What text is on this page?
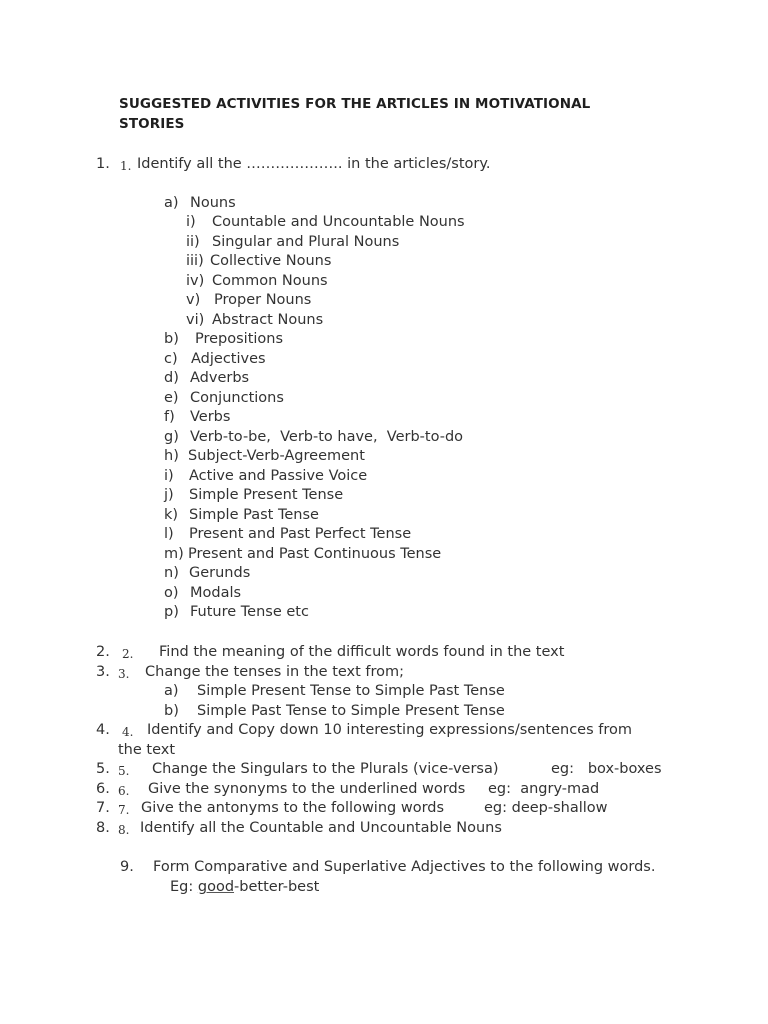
SUGGESTED ACTIVITIES FOR THE ARTICLES IN MOTIVATIONAL
STORIES
1. 1. Identify all the ……………….. in the articles/story.
a) Nouns
i) Countable and Uncountable Nouns
ii) Singular and Plural Nouns
iii) Collective Nouns
iv) Common Nouns
v) Proper Nouns
vi) Abstract Nouns
b) Prepositions
c) Adjectives
d) Adverbs
e) Conjunctions
f) Verbs
g) Verb-to-be,  Verb-to have,  Verb-to-do
h) Subject-Verb-Agreement
i) Active and Passive Voice
j) Simple Present Tense
k) Simple Past Tense
l) Present and Past Perfect Tense
m) Present and Past Continuous Tense
n) Gerunds
o) Modals
p) Future Tense etc
2. 2. Find the meaning of the difficult words found in the text
3. 3. Change the tenses in the text from;
a) Simple Present Tense to Simple Past Tense
b) Simple Past Tense to Simple Present Tense
4. 4. Identify and Copy down 10 interesting expressions/sentences from
the text
5. 5. Change the Singulars to the Plurals (vice-versa)	eg:   box-boxes
6. 6. Give the synonyms to the underlined words eg:  angry-mad
7. 7. Give the antonyms to the following words	eg: deep-shallow
8. 8. Identify all the Countable and Uncountable Nouns
9. Form Comparative and Superlative Adjectives to the following words.
Eg: good-better-best
